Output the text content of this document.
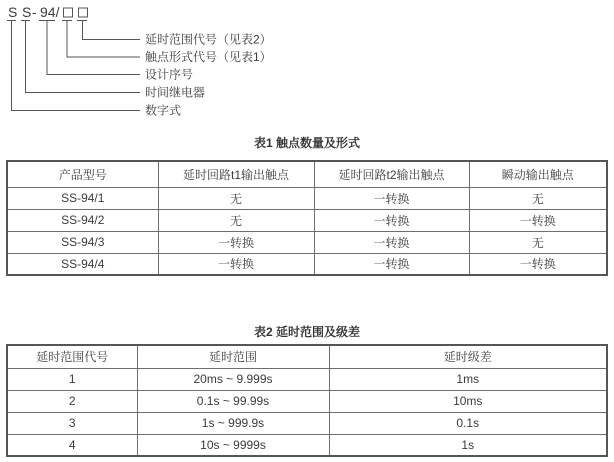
S S - 94/
延时范围代号（见表2）
触点形式代号（见表1）
设计序号
时间继电器
数字式
表1 触点数量及形式
产品型号	延时回路t1输出触点	延时回路t2输出触点	瞬动输出触点
SS-94/1	无	一转换	无
SS-94/2	无	一转换	一转换
SS-94/3	一转换	一转换	无
SS-94/4	一转换	一转换	一转换
表2 延时范围及级差
延时范围代号	延时范围	延时级差
1	20ms ~ 9.999s	1ms
2	0.1s ~ 99.99s	10ms
3	1s ~ 999.9s	0.1s
4	10s ~ 9999s	1s
